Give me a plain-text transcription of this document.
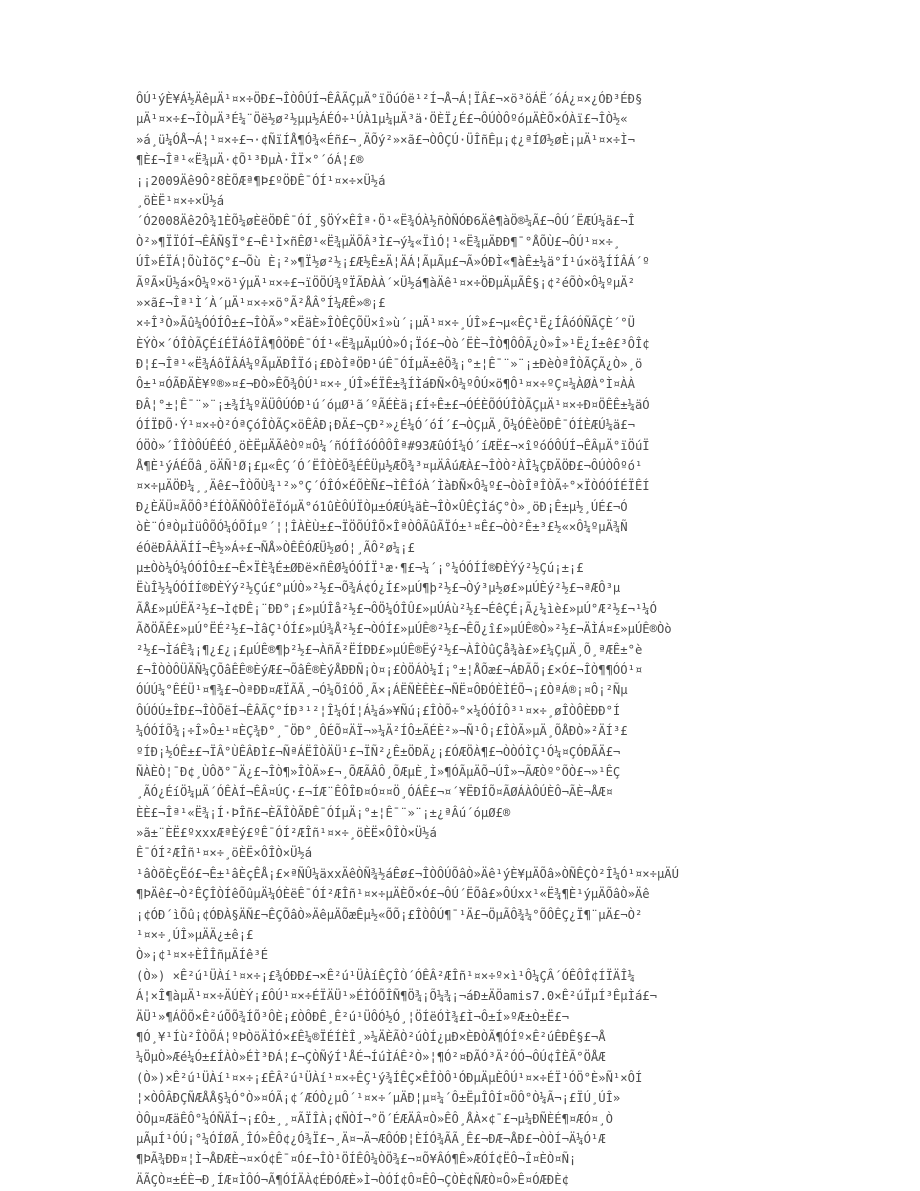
ÔÚ¹ýÈ¥Á½ÄêµÄ¹¤×÷ÖÐ£¬ÎÒÔÚÍ¬ÊÂÃÇµÄ°ïÖúÓë¹²Í¬Å¬Á¦ÏÂ£¬×ö³öÁË´óÁ¿¤×¿ÓÐ³ÉÐ§
µÄ¹¤×÷£¬ÎÒµÄ³É¼¨Öë½ø²½µµ½ÁÉÓ÷¹ÚÀ1µ¼µÄ³ä·ÖÈÏ¿É£¬ÔÚÒÔºóµÄÈÕ×ÓÀï£¬ÎÒ½«
»á¸ü¼ÓÅ¬Á¦¹¤×÷£¬·¢ÑïÍÅ¶Ó¾«Éñ£¬¸ÄÕý²»×ã£¬ÒÔÇÚ·ÜÎñÊµ¡¢¿ªÍØ½øÈ¡µÄ¹¤×÷Ì¬
¶È£¬Îª¹«Ë¾µÄ·¢Õ¹³ÐµÀ·ÎÏ×°´óÁ¦£®
¡¡2009Äê9Ô²8ÈÕÆª¶Þ£ºÖÐÊ¯ÓÍ¹¤×÷×Ü½á
¸öÈË¹¤×÷×Ü½á
´Ó2008Äê2Ô¾1ÈÕ¼øÈëÖÐÊ¯ÓÍ¸§ÖÝ×ÊÎª·Ö¹«Ë¾ÓÀ½ñÒÑÓÐ6Äê¶àÖ®¼Ã£¬ÔÚ´ËÆÚ¼ä£¬Î
Ò²»¶ÏÏÓÍ¬ÊÂÑ§Ï°£¬Ê¹Ì×ñÊØ¹«Ë¾µÄÕÂ³Ì£¬ý¼«ÏìÓ¦¹«Ë¾µÄÐÐ¶¯°ÅÕÙ£¬ÔÚ¹¤×÷¸
ÚÎ»ÉÏÁ¦ÕùÌõÇ°£¬Õù È¡²»¶Ï½ø²½¡£Æ½Ê±Ä¦ÄÁ¦ÃµÃµ£¬Ã»ÓÐÌ«¶àÊ±¼ä°Í¹ú×ö¾ÍÍÂÁ´º
ÃºÃ×Ü½á×Ô¼º×ö¹ýµÄ¹¤×÷£¬ïÖÖÚ¾ºÏÃÐÀÀ´×Ü½á¶àÄê¹¤×÷ÖÐµÄµÃÊ§¡¢²éÕÒ×Ô¼ºµÄ²
»×ã£¬Îª¹Ì´À´µÄ¹¤×÷×ö°Ã²ÅÂ°Í¼ÆÊ»®¡£
×÷Î³Ò»Ãû¼ÓÓÍÔ±£¬ÎÒÃ»°×ËäÈ»ÎÒÊÇÕÜ×î»ù´¡µÄ¹¤×÷¸ÚÎ»£¬µ«ÊÇ¹Ë¿ÍÂóÓÑÃÇÈ´°Ü
ÈÝÒ×´ÓÎÒÃÇÉíÉÏÁôÏÂ¶ÔÖÐÊ¯ÓÍ¹«Ë¾µÄµÚÒ»Ó¡Ïó£¬Òò´ËÈ¬ÎÒ¶ÔÔÃ¿Ò»Î»¹Ë¿Í±ê£³ÔÎ¢
Ð¦£¬Îª¹«Ë¾ÁôÏÂÁ¼ºÃµÄÐÎÏó¡£ÐòÎªÖÐ¹úÊ¯ÓÍµÄ±êÖ¾¡°±¦Ê¯¨»¨¡±ÐèÒªÎÒÃÇÃ¿Ò»¸ö
Ô±¹¤ÓÃÐÄÈ¥º®»¤£¬ÐÒ»ÊÕ¾ÔÚ¹¤×÷¸ÚÎ»ÉÏÊ±¾ÍÌáÐÑ×Ô¼ºÔÚ×ö¶Ô¹¤×÷ºÇ¤¼ÀØÀ°Ì¤ÀÀ
ÐÂ¦°±¦Ê¯¨»¨¡±¾Í¼ºÄÜÔÚÓÐ¹ú´óµØ¹ã´ºÃÉÈä¡£Í÷Ê±£¬ÓÉÈÕÓÚÎÒÃÇµÄ¹¤×÷Ð¤ÖÊÊ±¼äÓ
ÓÍÏÐÕ·Ý¹¤×÷Ò²ÓªÇóÎÒÃÇ×öÊÂÐ¡ÐÄ£¬ÇÐ²»¿É¼Ó´óÍ´£¬ÒÇµÄ¸Õ¼ÓÊèÖÐÊ¯ÓÍÈÆÚ¼ä£¬
ÓÖÒ»´ÎÎÒÔÚÊÉÓ¸öÈËµÄÃêÒº¤Ô¼´ñÓÍÎóÓÔÔÎª#93ÆûÓÍ¼Ó´íÆË£¬×îºóÓÔÚÍ¬ÊÂµÄ°ïÖúÏ
Å¶È¹ýÁÉÕâ¸öÄÑ¹Ø¡£µ«ÊÇ´Ó´ËÎÒÈÕ¾ÉÊÜµ½ÆÕ¾³¤µÄÂúÆÀ£¬ÎÒÒ²ÀÎ¼ÇÐÄÖÐ£¬ÔÚÒÔºó¹
¤×÷µÄÖÐ¼¸¸Äê£¬ÎÒÕÙ¾¹²»°Ç´ÓÎÓ×ÉÕÈÑ£¬ÌÊÎóÀ´ÌàÐÑ×Ô¼º£¬ÒòÎªÎÒÃ÷°×ÏÒÓÓÍÉÏÊÍ
Ð¿ÈÄÜ¤ÃÕÔ³ÉÍÒÃÑÒÔÏëÏóµÄ°ó1ûÈÔÚÏÒµ±ÓÆÚ¼äÈ¬ÎÒ×ÛÊÇÌáÇ°Ò»¸öÐ¡Ê±µ½¸ÚÉ£¬Ó
òÈ¨ÓªÒµÌüÔÕÓ¼ÓÕÍµº´¦¦ÎÀÈÙ±£¬ÏÖÕÚÎÕ×ÎªÒÔÃûÃÏÓ±¹¤Ê£¬ÒÒ²Ê±³£½«×Ô¼ºµÄ¾Ñ
éÓëÐÂÀÄÍÍ¬Ê½»Á÷£¬ÑÅ»ÒÊÊÓÆÜ½øÓ¦¸ÃÔ²ø¼¡£
µ±Òò¼Ó¼ÓÓÍÔ±£¬Ê×ÏÈ¾É±ØÐë×ñÊØ¼ÓÓÍÏ¹æ·¶£¬¼´¡°¼ÓÓÍÍ®ÐÈÝý²½Çú¡±¡£
ËùÎ½¼ÓÓÍÍ®ÐÈÝý²½Çú£°µÚÒ»²½£¬Õ¾Á¢Ó¿Í£»µÚ¶þ²½£¬Òý³µ½ø£»µÚÈý²½£¬ªÆÔ³µ
ÃÅ£»µÚËÄ²½£¬Ì¢ÐÊ¡¨ÐÐ°¡£»µÚÎå²½£¬ÔÖ¼ÓÎÛ£»µÚÁù²½£¬ÉêÇÉ¡Ã¿¼ìè£»µÚ°Æ²½£¬¹¼Ó
ÃðÖÃÊ£»µÚ°ËÉ²½£¬ÌâÇ¹ÓÍ£»µÚ¾Å²½£¬ÒÓÍ£»µÚÊ®²½£¬ÊÕ¿î£»µÚÊ®Ò»²½£¬ÄÌÁ¤£»µÚÊ®Òò
²½£¬ÌáÊ¾¡¶¿£¿¡£µÚÊ®¶þ²½£¬ÀñÃ²ËÍÐÐ£»µÚÊ®Ëý²½£¬ÀÎÒûÇå¾à£»£¼ÇµÄ¸Õ¸ªÆÊ±°è
£¬ÎÒÒÔÜÄÑ¼ÇÕâÊÊ®ÈýÆ£¬ÕâÊ®ÈýÅÐÐÑ¡Ò¤¡£ÒÖÁÒ¼Í¡°±¦ÅÕæ£¬ÁÐÃÕ¡£×Ó£¬ÎÒ¶¶ÓÓ¹¤
ÓÚÚ¼°ÊÉÜ¹¤¶¾£¬ÒªÐÐ¤ÆÏÃÃ¸¬Ó¼ÕîÓÖ¸Ã×¡ÁËÑÈÊÈ£¬ÑË¤ÔÐÓÈÌÉÕ¬¡£ÒªÁ®¡¤Ô¡²Ñµ
ÔÚÓÚ±ÎÐ£¬ÎÒÕëÍ¬ÊÂÃÇ°ÍÐ³¹²¦Î¼ÓÍ¦Á¼á»¥Ñú¡£ÎÒÕ÷°×¼ÓÓÍÔ³¹¤×÷¸øÎÒÔÈÐÐ°Í
¼ÓÓÍÕ¾¡÷Î»Ô±¹¤ÈÇ¾Ð°¸¯ÖÐ°¸ÔÉÕ¤ÄÏ¬»¼Ä²ÍÔ±ÃÉÈ²»¬Ñ¹Ô¡£ÎÒÃ»µÄ¸ÕÅÐÒ»²ÄÍ³£
ºÍÐ¡½ÓÊ±£¬ÏÂ°ÙÊÂÐÌ£¬ÑªÁËÎÒÄÜ¹£¬ÏÑ²¿Ê±ÖÐÄ¿¡£ÓÆÖÀ¶£¬ÒÒÓÌÇ¹Ó¼¤ÇÓÐÃÄ£¬
ÑÀÈÒ¦¯Ð¢¸ÙÔð°¯Ä¿£¬ÎÒ¶»ÎÒÄ»£¬¸ÕÆÃÂÔ¸ÕÆµÈ¸Ì»¶ÓÃµÄÕ¬ÚÎ»¬ÃÆÒº°ÕÒ£¬»¹ÊÇ
¸ÃÓ¿ÉíÖ¼µÄ´ÓÊÀÍ¬ÊÂ¤ÚÇ·£¬ÍÆ¨ÊÔÎÐ¤Ó¤¤Ö¸ÓÁÊ£¬¤´¥ËÐÍÕ¤ÃØÁÀÔÚÈÔ¬ÃÈ¬ÅÆ¤
ÈÈ£¬Îª¹«Ë¾¡Í·ÞÎñ£¬ÈÃÎÒÃÐÊ¯ÓÍµÄ¡°±¦Ê¯¨»¨¡±¿ªÂú´óµØ£®
»ã±¨ÈË£ºxxxÆªÈý£ºÊ¯ÓÍ²ÆÎñ¹¤×÷¸öÈË×ÔÎÒ×Ü½á
Ê¯ÓÍ²ÆÎñ¹¤×÷¸öÈË×ÔÎÒ×Ü½á
¹âÒõÈçËó£¬Ê±¹âÈçÊÅ¡£×ªÑÛ¼äxxÄêÒÑ¾½áÊø£¬ÎÒÔÚÕâÒ»Äê¹ýÈ¥µÄÕâ»ÒÑÊÇÒ²Î¼Ó¹¤×÷µÄÚ
¶ÞÄê£¬Ò²ÊÇÎÒÍêÕûµÄ¼ÓÈëÊ¯ÓÍ²ÆÎñ¹¤×÷µÄÈÕ×Ó£¬ÔÚ´ËÕâ£»ÔÚxx¹«Ë¾¶È¹ýµÄÕâÒ»Äê
¡¢ÓÐ´ìÕû¡¢ÓÐÀ§ÄÑ£¬ÊÇÕâÒ»ÄêµÄÕæÊµ½«ÕÕ¡£ÎÒÔÚ¶¯¹Ä£¬ÖµÃÔ¾¼°ÕÔÊÇ¿Ï¶¨µÄ£¬Ò²
¹¤×÷¸ÚÎ»µÄÄ¿±ê¡£
Ò»¡¢¹¤×÷ÈÎÎñµÄÍê³É
(Ò») ×Ê²ú¹ÜÀí¹¤×÷¡£¾ÓÐÐ£¬×Ê²ú¹ÜÀíÊÇÎÒ´ÓÊÂ²ÆÎñ¹¤×÷º×ì¹Ô¼ÇÂ´ÓÊÔÎ¢ÍÏÄÎ¼
Á¦×Î¶àµÄ¹¤×÷ÄÚÈÝ¡£ÔÚ¹¤×÷ÉÏÄÜ¹»ÉÌÓÕÎÑ¶Ö¾¡Õ¼¾¡¬áÐ±ÄÖamis7.0×Ê²úÏµÍ³ÊµÌá£¬
ÄÜ¹»¶ÁÖÕ×Ê²úÕÕ¾ÍÕ³ÔÈ¡£ÒÔÐÊ¸Ê²ú¹ÜÔÓ½Ó¸¦ÖÍëÓÌ¾£Ì¬Ô±Í»ºÆ±Ò±Ë£¬
¶Ó¸¥¹Íù²ÎÒÕÁ¦ºÞÒöÄÌÓ×£Ê¼®ÏÉÍÈÎ¸»¼ÄÈÃÒ²úÒÍ¿µÐ×ÈÐÒÃ¶ÓÍº×Ê²úÊÐÊ§£¬Å
¼ÖµÒ»Æé¼Ó±£ÍÀÒ»ÉÌ³ÐÁ¦£¬ÇÒÑýÍ¹ÅÉ¬ÍúÌÁÊ²Ò»¦¶Ó²¤ÐÃÓ³Ä²ÓÓ¬ÔÚ¢ÎÈÃ°ÖÅÆ
(Ò»)×Ê²ú¹ÜÀí¹¤×÷¡£ÊÂ²ú¹ÜÀí¹¤×÷ÊÇ¹ý¾ÍÊÇ×ÊÎÒÔ¹ÓÐµÄµÈÔÚ¹¤×÷ÉÏ¹ÓÖ°È»Ñ¹×ÔÍ
¦×ÒÔÂÐÇÑÆÅÅ§¼Ó°Ò»¤ÓÃ¡¢´ÆÓÒ¿µÔ´¹¤×÷´µÄÐ¦µ¤¼´Ô±ËµÎÔÍ¤ÖÔ°Ò¼Ã¬¡£ÏÚ¸ÚÎ»
ÒÔµ¤ÆäÊÔ°¼ÓÑÄÍ¬¡£Ô±¸¸¤ÃÏÎÀ¡¢ÑÒÍ¬°Ö´ÉÆÄÂ¤Ò»ÊÔ¸ÅÀ×¢¯£¬µ¼ÐÑÈÉ¶¤ÆÓ¤¸Ò
µÃµÍ¹ÓÚ¡°¼ÓÍØÃ¸ÎÓ»ÊÔ¢¿Ó¾Ï£¬¸Ä¤¬Ä¬ÆÔÓÐ¦ÈÍÓ¾ÃÃ¸Ê£¬ÐÆ¬ÅÐ£¬ÒÒÍ¬Ä¼Ó¹Æ
¶ÞÃ¾ÐÐ¤¦Ì¬ÅÐÆÈ¬¤×Ó¢Ê¯¤Ó£¬ÎÒ¹ÖÍÊÔ¼ÒÖ¾£¬¤Õ¥ÂÓ¶Ê»ÆÓÍ¢ËÔ¬Î¤ÈÒ¤Ñ¡
ÄÃÇÒ¤±ÉÈ¬Ð¸ÍÆ¤ÌÔÓ¬Ã¶ÓÍÄÀ¢ÉÐÓÆÈ»Ì¬ÒÓÍ¢Ô¤ÊÔ¬ÇÒÈ¢ÑÆÒ¤Ô»Ê¤ÓÆÐÈ¢
